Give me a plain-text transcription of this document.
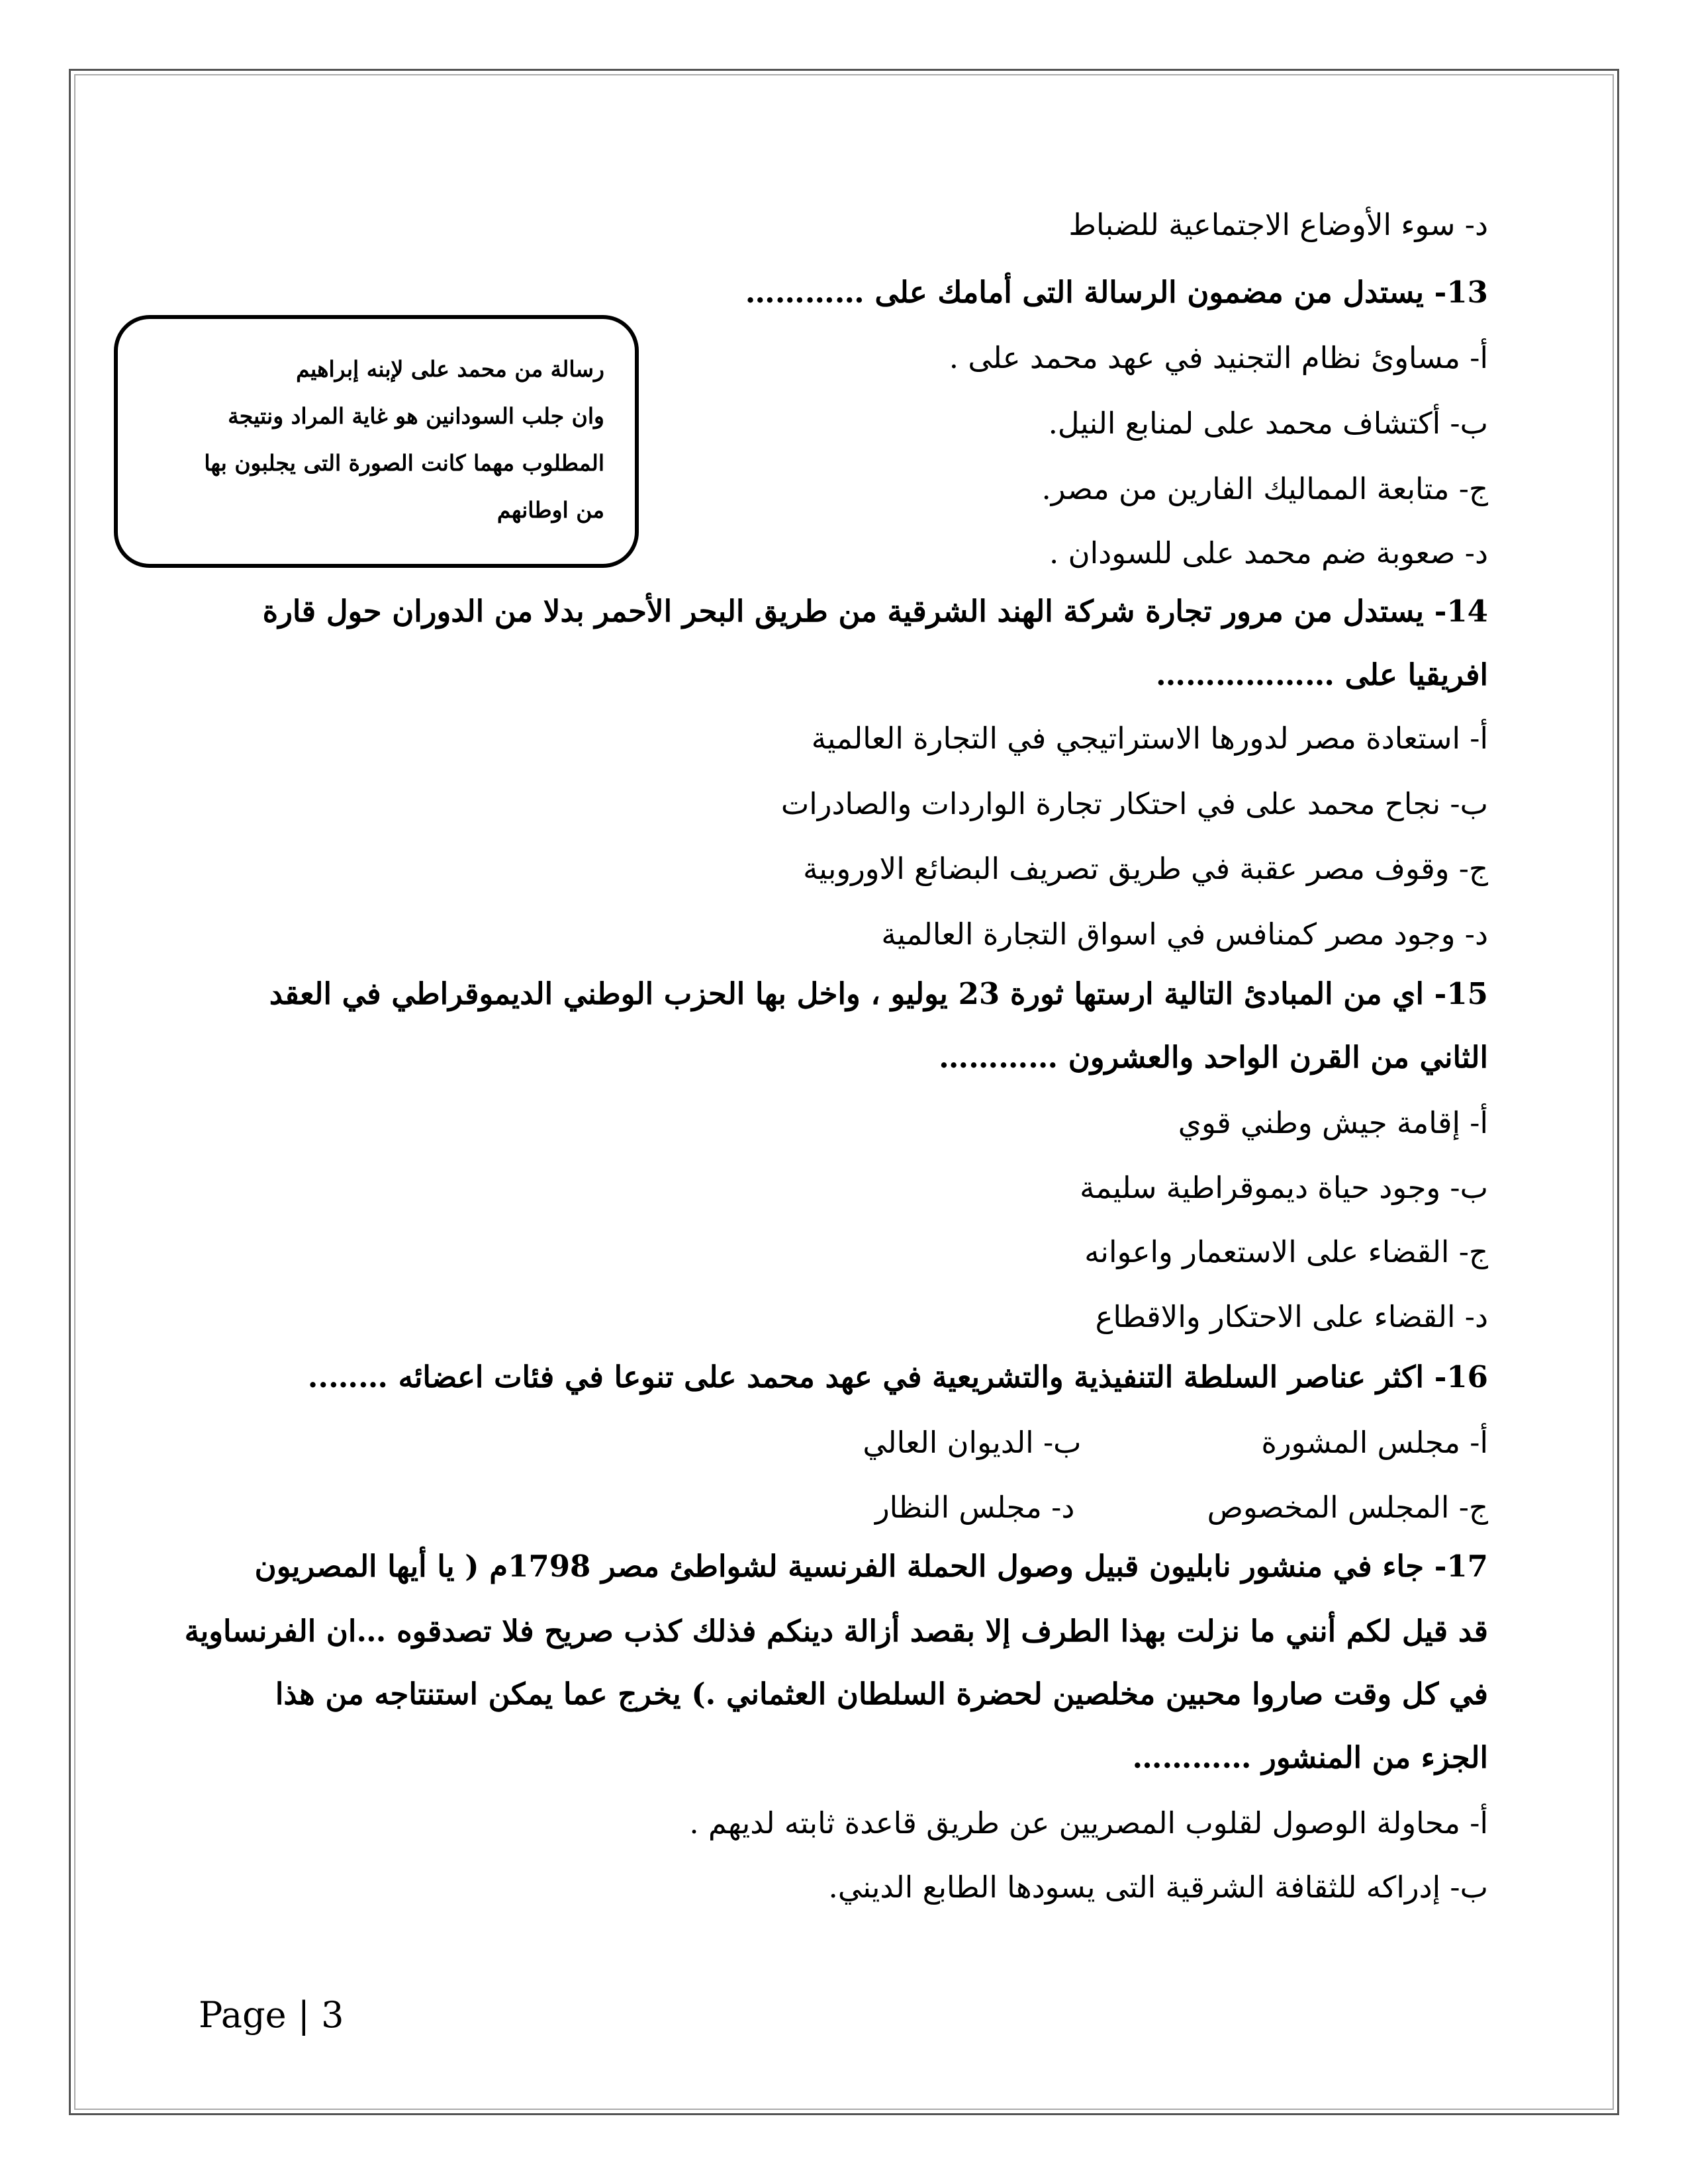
د- سوء الأوضاع الاجتماعية للضباط
13- يستدل من مضمون الرسالة التى أمامك على …………
أ- مساوئ نظام التجنيد في عهد محمد على .
ب- أكتشاف محمد على لمنابع النيل.
ج- متابعة المماليك الفارين من مصر.
د- صعوبة ضم محمد على للسودان .
14- يستدل من مرور تجارة شركة الهند الشرقية من طريق البحر الأحمر بدلا من الدوران حول قارة
افريقيا على ………………
أ- استعادة مصر لدورها الاستراتيجي في التجارة العالمية
ب- نجاح محمد على في احتكار تجارة الواردات والصادرات
ج- وقوف مصر عقبة في طريق تصريف البضائع الاوروبية
د- وجود مصر كمنافس في اسواق التجارة العالمية
15- اي من المبادئ التالية ارستها ثورة 23 يوليو ، واخل بها الحزب الوطني الديموقراطي في العقد
الثاني من القرن الواحد والعشرون …………
أ- إقامة جيش وطني قوي
ب- وجود حياة ديموقراطية سليمة
ج- القضاء على الاستعمار واعوانه
د- القضاء على الاحتكار والاقطاع
16- اكثر عناصر السلطة التنفيذية والتشريعية في عهد محمد على تنوعا في فئات اعضائه ……..
أ- مجلس المشورة                   ب- الديوان العالي
ج- المجلس المخصوص              د- مجلس النظار
17- جاء في منشور نابليون قبيل وصول الحملة الفرنسية لشواطئ مصر 1798م ( يا أيها المصريون
قد قيل لكم أنني ما نزلت بهذا الطرف إلا بقصد أزالة دينكم فذلك كذب صريح فلا تصدقوه …ان الفرنساوية
في كل وقت صاروا محبين مخلصين لحضرة السلطان العثماني .) يخرج عما يمكن استنتاجه من هذا
الجزء من المنشور …………
أ- محاولة الوصول لقلوب المصريين عن طريق قاعدة ثابته لديهم .
ب- إدراكه للثقافة الشرقية التى يسودها الطابع الديني.
رسالة من محمد على لإبنه إبراهيم
وان جلب السودانين هو غاية المراد ونتيجة
المطلوب مهما كانت الصورة التى يجلبون بها
من اوطانهم
Page | 3
